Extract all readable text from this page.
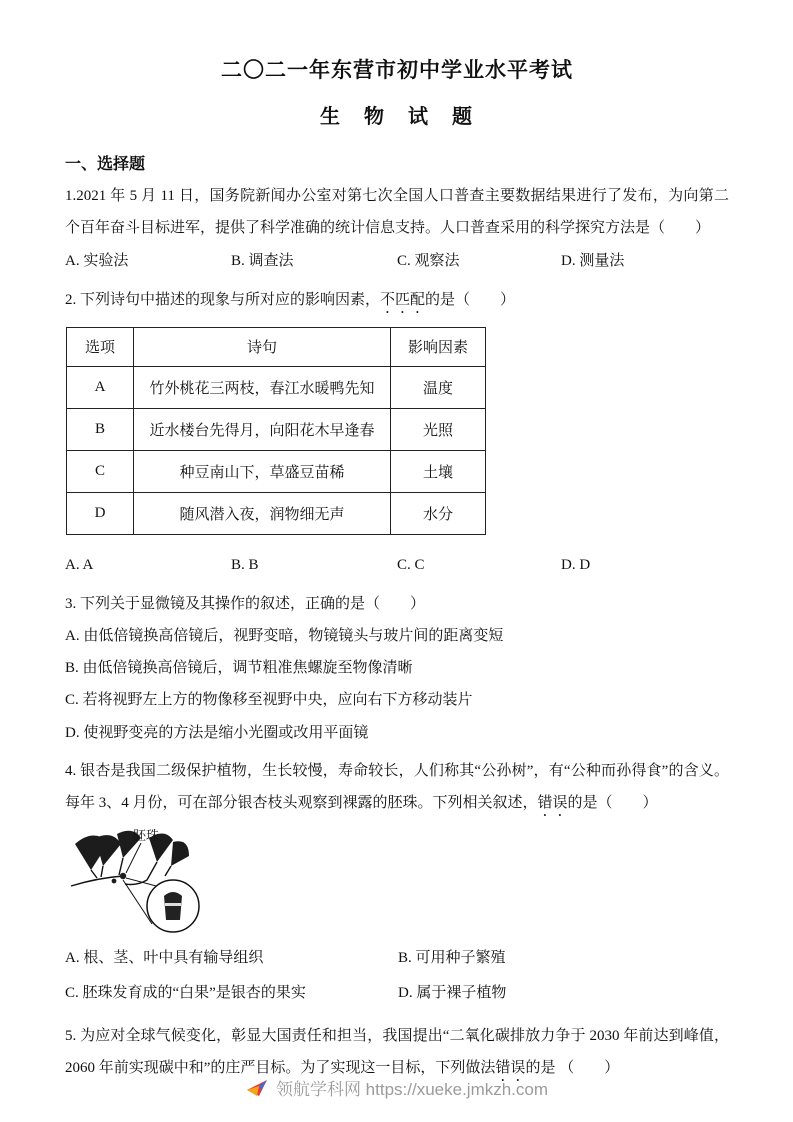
二〇二一年东营市初中学业水平考试
生　物　试　题
一、选择题

1.2021 年 5 月 11 日，国务院新闻办公室对第七次全国人口普查主要数据结果进行了发布，为向第二个百年奋斗目标进军，提供了科学准确的统计信息支持。人口普查采用的科学探究方法是（　　）

A. 实验法	B. 调查法	C. 观察法	D. 测量法

2. 下列诗句中描述的现象与所对应的影响因素，不匹配的是（　　）

选项	诗句	影响因素
A	竹外桃花三两枝，春江水暖鸭先知	温度
B	近水楼台先得月，向阳花木早逢春	光照
C	种豆南山下，草盛豆苗稀	土壤
D	随风潜入夜，润物细无声	水分
A. A	B. B	C. C	D. D

3. 下列关于显微镜及其操作的叙述，正确的是（　　）

A. 由低倍镜换高倍镜后，视野变暗，物镜镜头与玻片间的距离变短

B. 由低倍镜换高倍镜后，调节粗准焦螺旋至物像清晰

C. 若将视野左上方的物像移至视野中央，应向右下方移动装片

D. 使视野变亮的方法是缩小光圈或改用平面镜

4. 银杏是我国二级保护植物，生长较慢，寿命较长，人们称其“公孙树”，有“公种而孙得食”的含义。每年 3、4 月份，可在部分银杏枝头观察到裸露的胚珠。下列相关叙述，错误的是（　　）

胚珠
A. 根、茎、叶中具有输导组织	B. 可用种子繁殖
C. 胚珠发育成的“白果”是银杏的果实	D. 属于裸子植物

5. 为应对全球气候变化，彰显大国责任和担当，我国提出“二氧化碳排放力争于 2030 年前达到峰值，2060 年前实现碳中和”的庄严目标。为了实现这一目标，下列做法错误的是 （　　）

领航学科网 https://xueke.jmkzh.com
